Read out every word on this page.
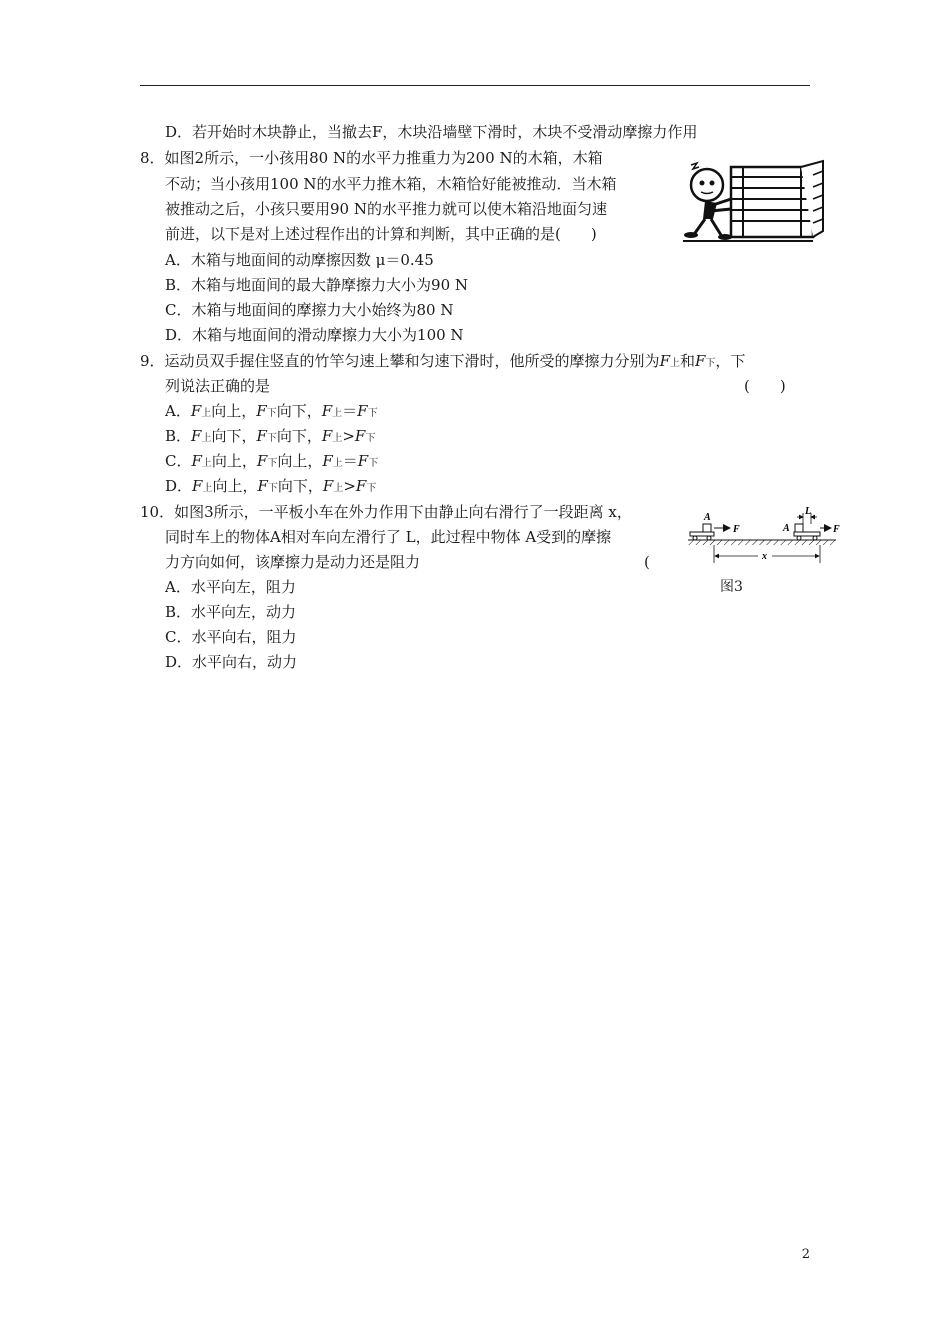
D．若开始时木块静止，当撤去F，木块沿墙壁下滑时，木块不受滑动摩擦力作用
8．如图2所示，一小孩用80 N的水平力推重力为200 N的木箱，木箱
不动；当小孩用100 N的水平力推木箱，木箱恰好能被推动．当木箱
被推动之后，小孩只要用90 N的水平推力就可以使木箱沿地面匀速
前进，以下是对上述过程作出的计算和判断，其中正确的是(　　)
A．木箱与地面间的动摩擦因数 μ＝0.45
B．木箱与地面间的最大静摩擦力大小为90 N
C．木箱与地面间的摩擦力大小始终为80 N
D．木箱与地面间的滑动摩擦力大小为100 N
9．运动员双手握住竖直的竹竿匀速上攀和匀速下滑时，他所受的摩擦力分别为F上和F下，下
列说法正确的是	(　　)
A．F上向上，F下向下，F上＝F下
B．F上向下，F下向下，F上>F下
C．F上向上，F下向上，F上＝F下
D．F上向上，F下向下，F上>F下
10．如图3所示，一平板小车在外力作用下由静止向右滑行了一段距离 x，
同时车上的物体A相对车向左滑行了 L，此过程中物体 A受到的摩擦
力方向如何，该摩擦力是动力还是阻力	(
A．水平向左，阻力
B．水平向左，动力
C．水平向右，阻力
D．水平向右，动力
A
F	A	F
L
x
图3
2
